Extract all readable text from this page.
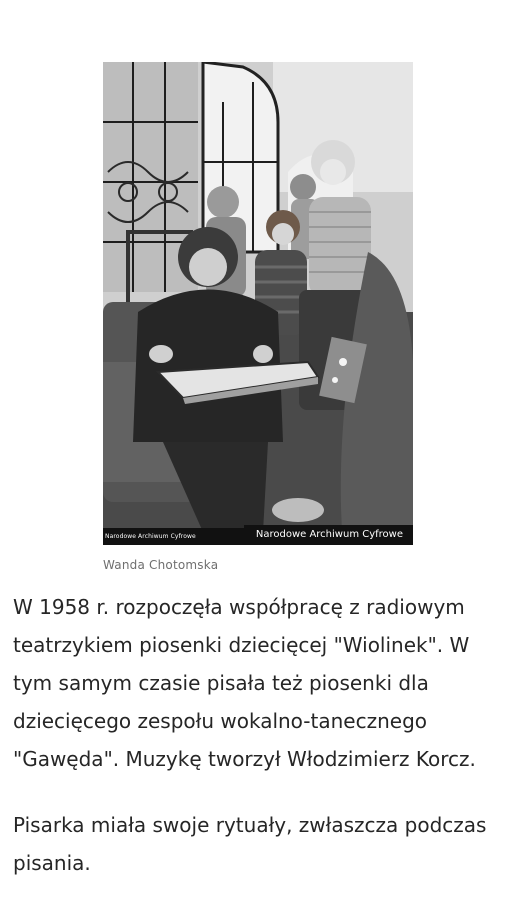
Narodowe Archiwum Cyfrowe	Narodowe Archiwum Cyfrowe
Wanda Chotomska

W 1958 r. rozpoczęła współpracę z radiowym teatrzykiem piosenki dziecięcej "Wiolinek". W tym samym czasie pisała też piosenki dla dziecięcego zespołu wokalno-tanecznego "Gawęda". Muzykę tworzył Włodzimierz Korcz.

Pisarka miała swoje rytuały, zwłaszcza podczas pisania.
